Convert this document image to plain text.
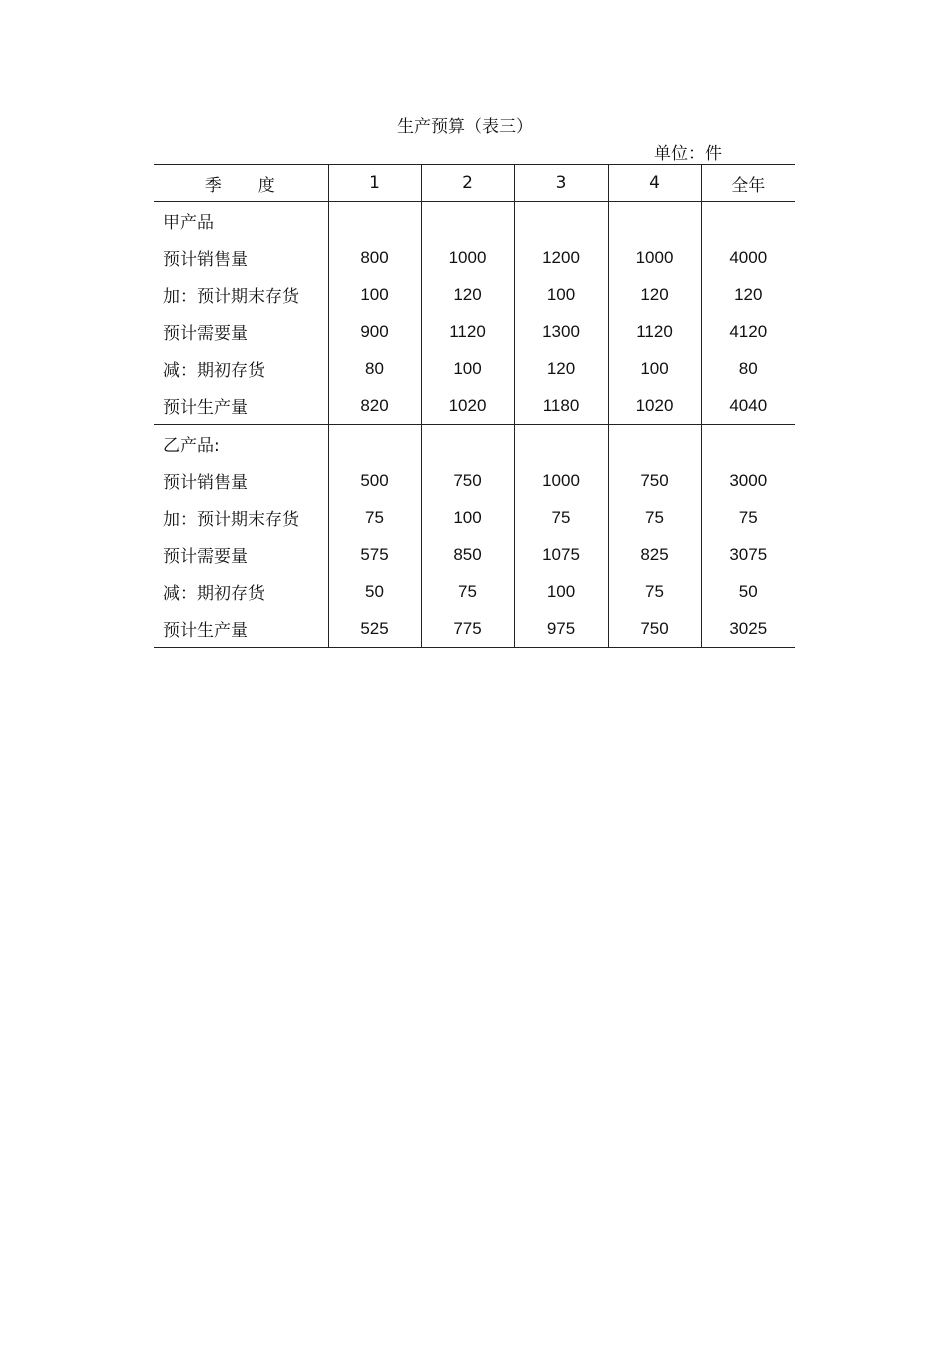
生产预算（表三）
单位：件
季 度	1	2	3	4	全年
甲产品					
预计销售量	800	1000	1200	1000	4000
加：预计期末存货	100	120	100	120	120
预计需要量	900	1120	1300	1120	4120
减：期初存货	80	100	120	100	80
预计生产量	820	1020	1180	1020	4040
乙产品:					
预计销售量	500	750	1000	750	3000
加：预计期末存货	75	100	75	75	75
预计需要量	575	850	1075	825	3075
减：期初存货	50	75	100	75	50
预计生产量	525	775	975	750	3025
